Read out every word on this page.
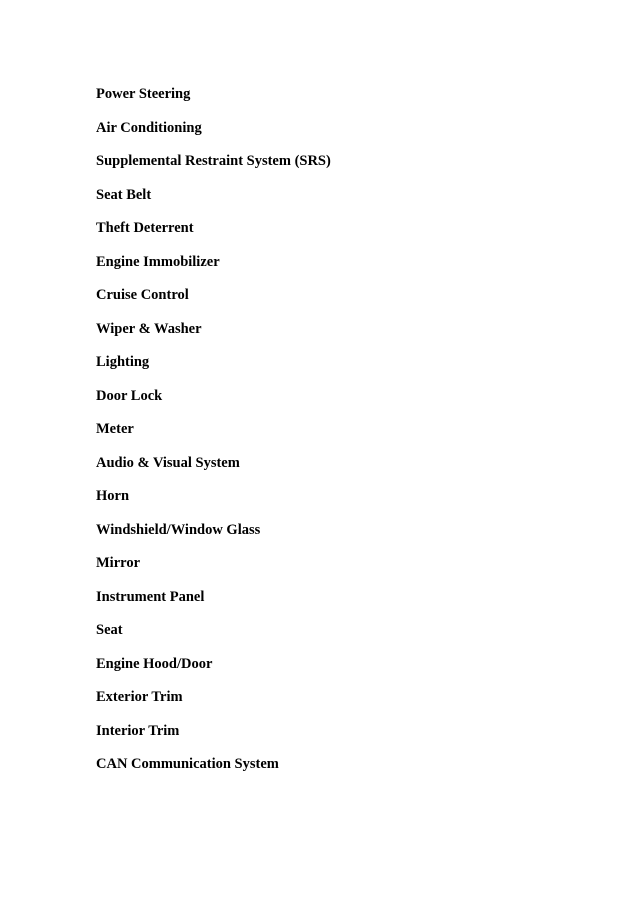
Power Steering
Air Conditioning
Supplemental Restraint System (SRS)
Seat Belt
Theft Deterrent
Engine Immobilizer
Cruise Control
Wiper & Washer
Lighting
Door Lock
Meter
Audio & Visual System
Horn
Windshield/Window Glass
Mirror
Instrument Panel
Seat
Engine Hood/Door
Exterior Trim
Interior Trim
CAN Communication System
